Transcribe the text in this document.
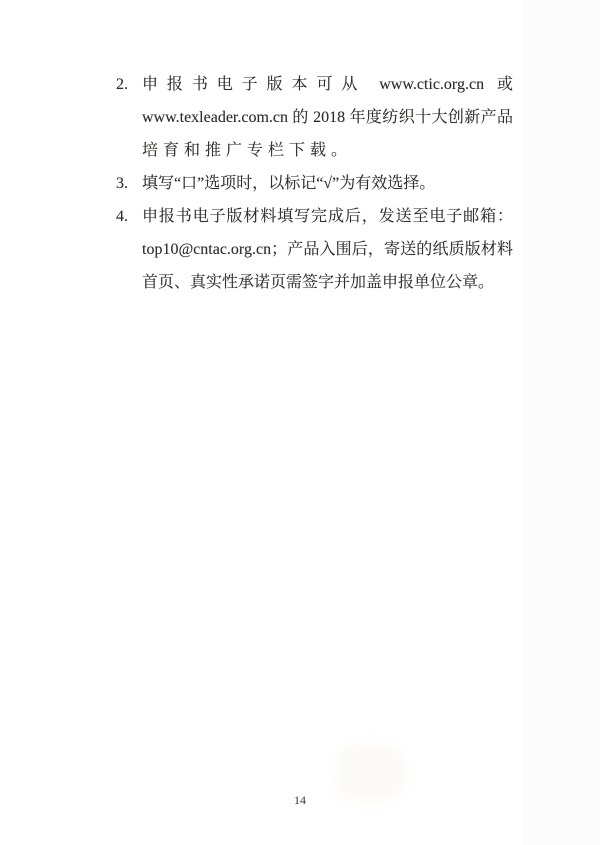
2. 申报书电子版本可从 www.ctic.org.cn 或
www.texleader.com.cn 的 2018 年度纺织十大创新产品
培育和推广专栏下载。
3. 填写“口”选项时，以标记“√”为有效选择。
4. 申报书电子版材料填写完成后，发送至电子邮箱：
top10@cntac.org.cn；产品入围后，寄送的纸质版材料
首页、真实性承诺页需签字并加盖申报单位公章。
14
